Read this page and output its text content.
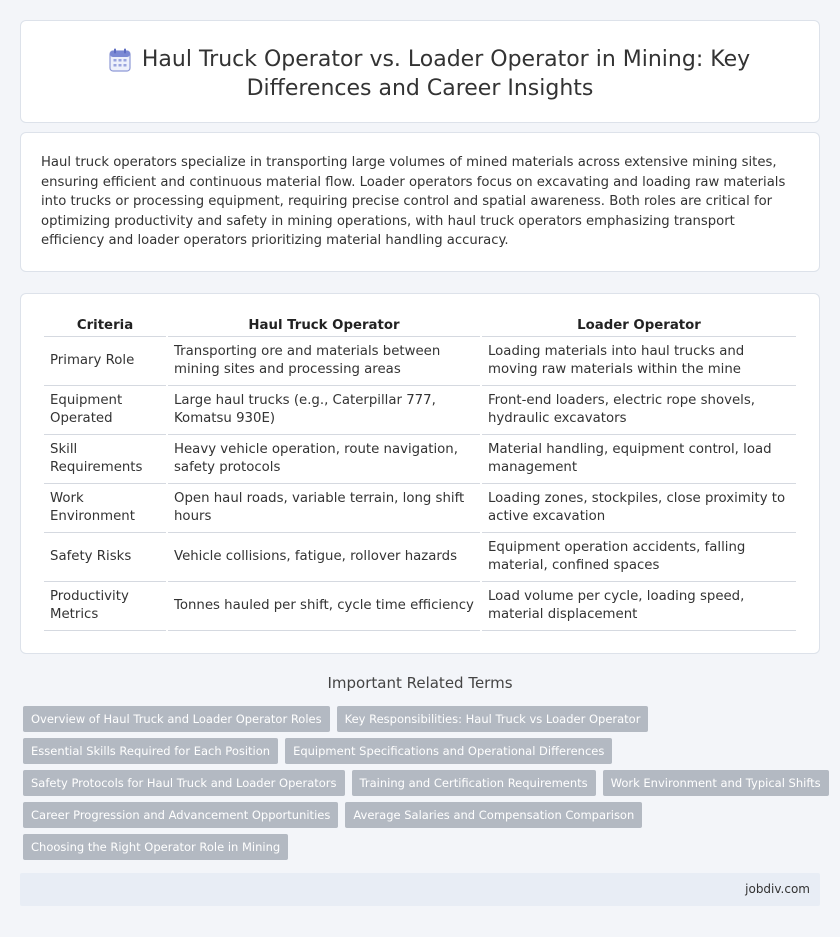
Haul Truck Operator vs. Loader Operator in Mining: Key
Differences and Career Insights

Haul truck operators specialize in transporting large volumes of mined materials across extensive mining sites, ensuring efficient and continuous material flow. Loader operators focus on excavating and loading raw materials into trucks or processing equipment, requiring precise control and spatial awareness. Both roles are critical for optimizing productivity and safety in mining operations, with haul truck operators emphasizing transport efficiency and loader operators prioritizing material handling accuracy.

Criteria	Haul Truck Operator	Loader Operator
Primary Role	Transporting ore and materials between mining sites and processing areas	Loading materials into haul trucks and moving raw materials within the mine
Equipment Operated	Large haul trucks (e.g., Caterpillar 777, Komatsu 930E)	Front-end loaders, electric rope shovels, hydraulic excavators
Skill Requirements	Heavy vehicle operation, route navigation, safety protocols	Material handling, equipment control, load management
Work Environment	Open haul roads, variable terrain, long shift hours	Loading zones, stockpiles, close proximity to active excavation
Safety Risks	Vehicle collisions, fatigue, rollover hazards	Equipment operation accidents, falling material, confined spaces
Productivity Metrics	Tonnes hauled per shift, cycle time efficiency	Load volume per cycle, loading speed, material displacement
Important Related Terms
Overview of Haul Truck and Loader Operator Roles	Key Responsibilities: Haul Truck vs Loader Operator
Essential Skills Required for Each Position	Equipment Specifications and Operational Differences
Safety Protocols for Haul Truck and Loader Operators	Training and Certification Requirements	Work Environment and Typical Shifts
Career Progression and Advancement Opportunities	Average Salaries and Compensation Comparison
Choosing the Right Operator Role in Mining
jobdiv.com
